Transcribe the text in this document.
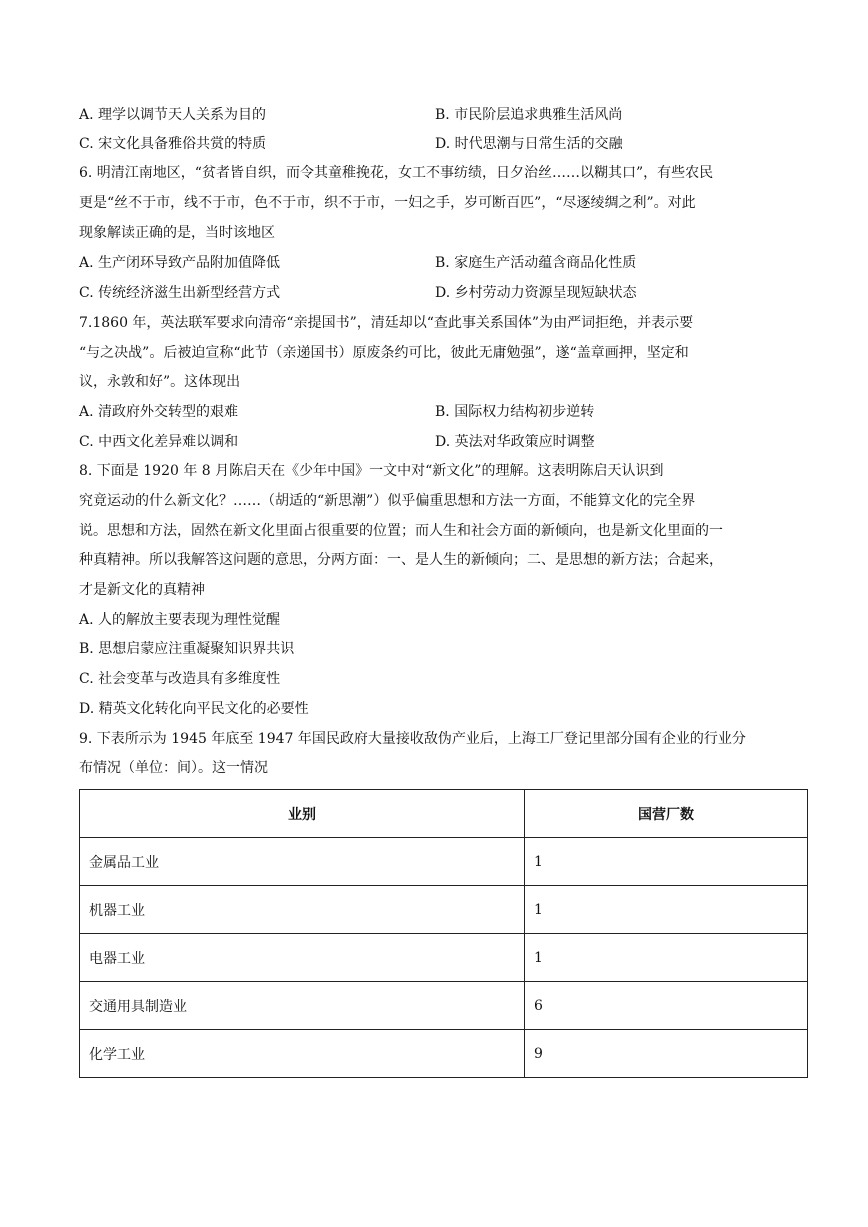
A. 理学以调节天人关系为目的	B. 市民阶层追求典雅生活风尚
C. 宋文化具备雅俗共赏的特质	D. 时代思潮与日常生活的交融
6. 明清江南地区，“贫者皆自织，而令其童稚挽花，女工不事纺绩，日夕治丝……以糊其口”，有些农民
更是“丝不于市，线不于市，色不于市，织不于市，一妇之手，岁可断百匹”，“尽逐绫绸之利”。对此
现象解读正确的是，当时该地区
A. 生产闭环导致产品附加值降低	B. 家庭生产活动蕴含商品化性质
C. 传统经济滋生出新型经营方式	D. 乡村劳动力资源呈现短缺状态
7.1860 年，英法联军要求向清帝“亲提国书”，清廷却以“查此事关系国体”为由严词拒绝，并表示要
“与之决战”。后被迫宣称“此节（亲递国书）原废条约可比，彼此无庸勉强”，遂“盖章画押，坚定和
议，永敦和好”。这体现出
A. 清政府外交转型的艰难	B. 国际权力结构初步逆转
C. 中西文化差异难以调和	D. 英法对华政策应时调整
8. 下面是 1920 年 8 月陈启天在《少年中国》一文中对“新文化”的理解。这表明陈启天认识到
究竟运动的什么新文化？……（胡适的“新思潮”）似乎偏重思想和方法一方面，不能算文化的完全界
说。思想和方法，固然在新文化里面占很重要的位置；而人生和社会方面的新倾向，也是新文化里面的一
种真精神。所以我解答这问题的意思，分两方面：一、是人生的新倾向；二、是思想的新方法；合起来，
才是新文化的真精神
A. 人的解放主要表现为理性觉醒
B. 思想启蒙应注重凝聚知识界共识
C. 社会变革与改造具有多维度性
D. 精英文化转化向平民文化的必要性
9. 下表所示为 1945 年底至 1947 年国民政府大量接收敌伪产业后，上海工厂登记里部分国有企业的行业分
布情况（单位：间）。这一情况
业别	国营厂数
金属品工业	1
机器工业	1
电器工业	1
交通用具制造业	6
化学工业	9
